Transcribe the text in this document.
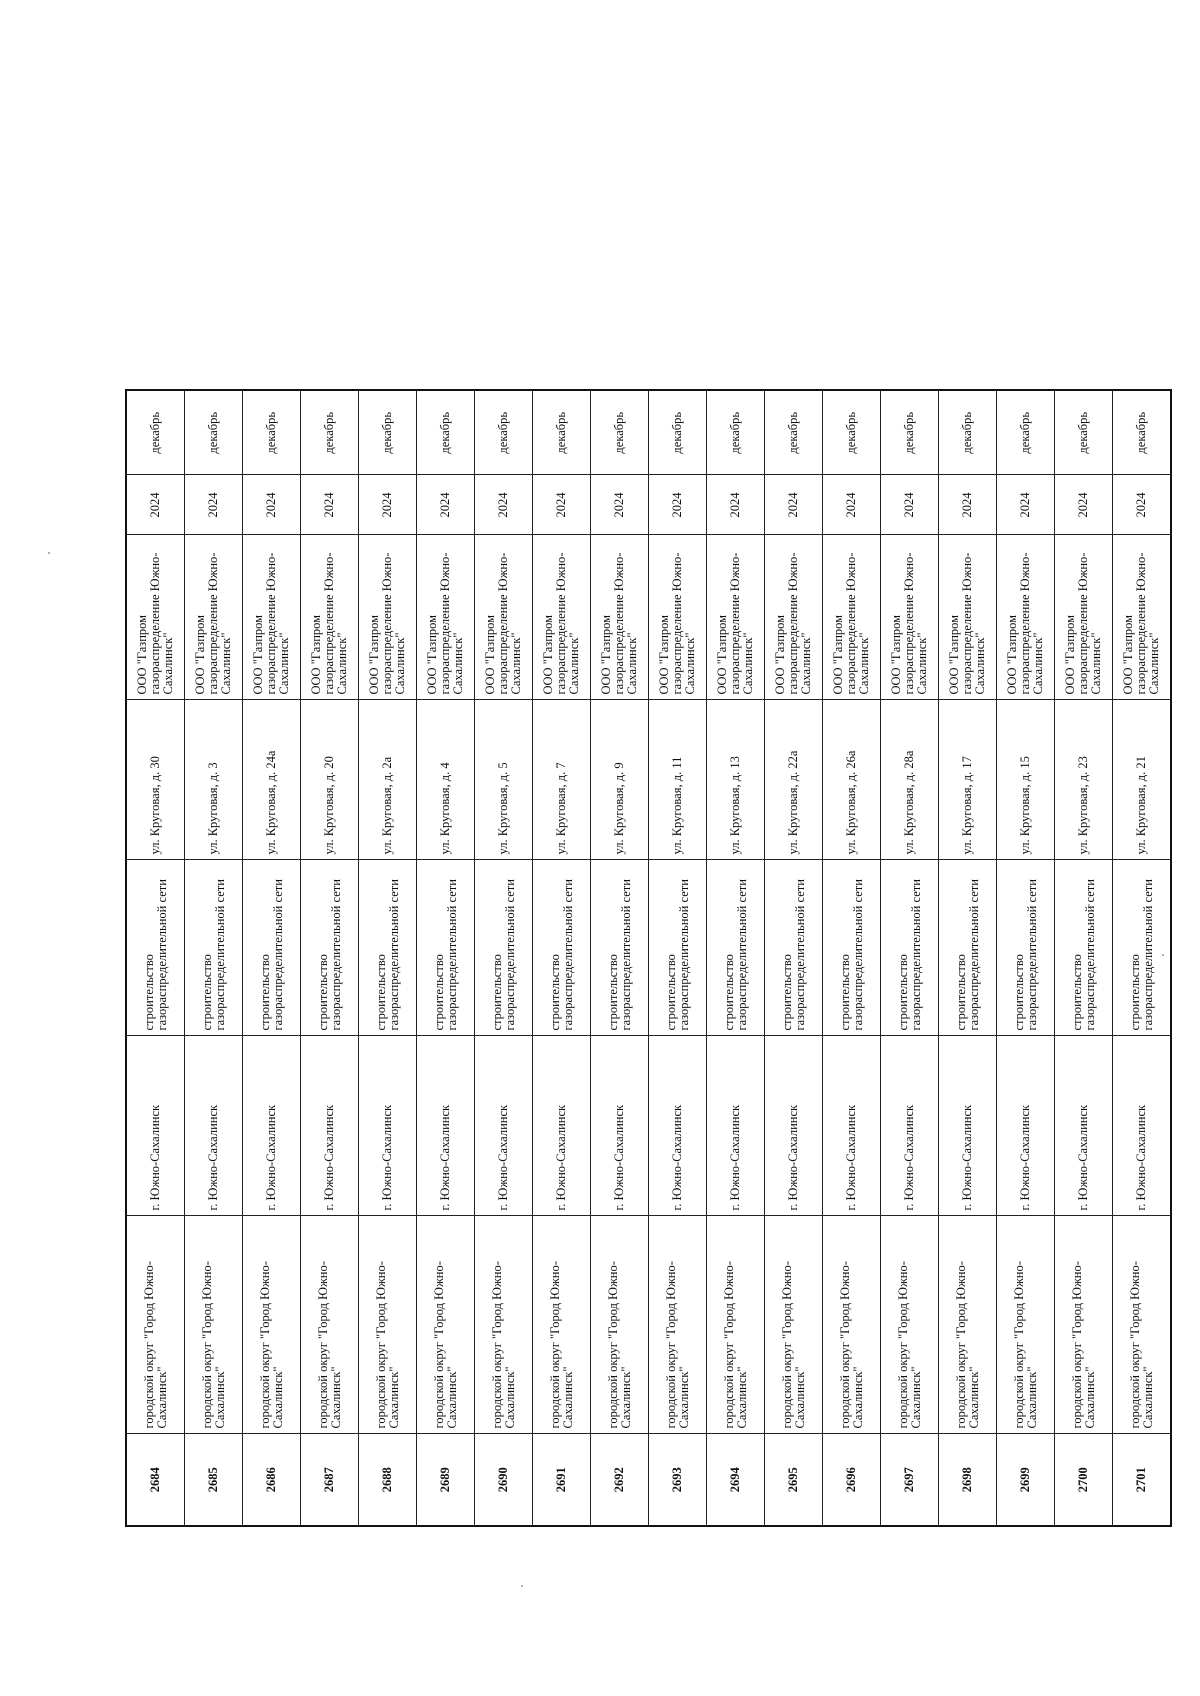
2684	городской округ "Город Южно-Сахалинск"	г. Южно-Сахалинск	строительство газораспределительной сети	ул. Круговая, д. 30	ООО "Газпром газораспределение Южно-Сахалинск"	2024	декабрь
2685	городской округ "Город Южно-Сахалинск"	г. Южно-Сахалинск	строительство газораспределительной сети	ул. Круговая, д. 3	ООО "Газпром газораспределение Южно-Сахалинск"	2024	декабрь
2686	городской округ "Город Южно-Сахалинск"	г. Южно-Сахалинск	строительство газораспределительной сети	ул. Круговая, д. 24а	ООО "Газпром газораспределение Южно-Сахалинск"	2024	декабрь
2687	городской округ "Город Южно-Сахалинск"	г. Южно-Сахалинск	строительство газораспределительной сети	ул. Круговая, д. 20	ООО "Газпром газораспределение Южно-Сахалинск"	2024	декабрь
2688	городской округ "Город Южно-Сахалинск"	г. Южно-Сахалинск	строительство газораспределительной сети	ул. Круговая, д. 2а	ООО "Газпром газораспределение Южно-Сахалинск"	2024	декабрь
2689	городской округ "Город Южно-Сахалинск"	г. Южно-Сахалинск	строительство газораспределительной сети	ул. Круговая, д. 4	ООО "Газпром газораспределение Южно-Сахалинск"	2024	декабрь
2690	городской округ "Город Южно-Сахалинск"	г. Южно-Сахалинск	строительство газораспределительной сети	ул. Круговая, д. 5	ООО "Газпром газораспределение Южно-Сахалинск"	2024	декабрь
2691	городской округ "Город Южно-Сахалинск"	г. Южно-Сахалинск	строительство газораспределительной сети	ул. Круговая, д. 7	ООО "Газпром газораспределение Южно-Сахалинск"	2024	декабрь
2692	городской округ "Город Южно-Сахалинск"	г. Южно-Сахалинск	строительство газораспределительной сети	ул. Круговая, д. 9	ООО "Газпром газораспределение Южно-Сахалинск"	2024	декабрь
2693	городской округ "Город Южно-Сахалинск"	г. Южно-Сахалинск	строительство газораспределительной сети	ул. Круговая, д. 11	ООО "Газпром газораспределение Южно-Сахалинск"	2024	декабрь
2694	городской округ "Город Южно-Сахалинск"	г. Южно-Сахалинск	строительство газораспределительной сети	ул. Круговая, д. 13	ООО "Газпром газораспределение Южно-Сахалинск"	2024	декабрь
2695	городской округ "Город Южно-Сахалинск"	г. Южно-Сахалинск	строительство газораспределительной сети	ул. Круговая, д. 22а	ООО "Газпром газораспределение Южно-Сахалинск"	2024	декабрь
2696	городской округ "Город Южно-Сахалинск"	г. Южно-Сахалинск	строительство газораспределительной сети	ул. Круговая, д. 26а	ООО "Газпром газораспределение Южно-Сахалинск"	2024	декабрь
2697	городской округ "Город Южно-Сахалинск"	г. Южно-Сахалинск	строительство газораспределительной сети	ул. Круговая, д. 28а	ООО "Газпром газораспределение Южно-Сахалинск"	2024	декабрь
2698	городской округ "Город Южно-Сахалинск"	г. Южно-Сахалинск	строительство газораспределительной сети	ул. Круговая, д. 17	ООО "Газпром газораспределение Южно-Сахалинск"	2024	декабрь
2699	городской округ "Город Южно-Сахалинск"	г. Южно-Сахалинск	строительство газораспределительной сети	ул. Круговая, д. 15	ООО "Газпром газораспределение Южно-Сахалинск"	2024	декабрь
2700	городской округ "Город Южно-Сахалинск"	г. Южно-Сахалинск	строительство газораспределительной сети	ул. Круговая, д. 23	ООО "Газпром газораспределение Южно-Сахалинск"	2024	декабрь
2701	городской округ "Город Южно-Сахалинск"	г. Южно-Сахалинск	строительство газораспределительной сети	ул. Круговая, д. 21	ООО "Газпром газораспределение Южно-Сахалинск"	2024	декабрь
